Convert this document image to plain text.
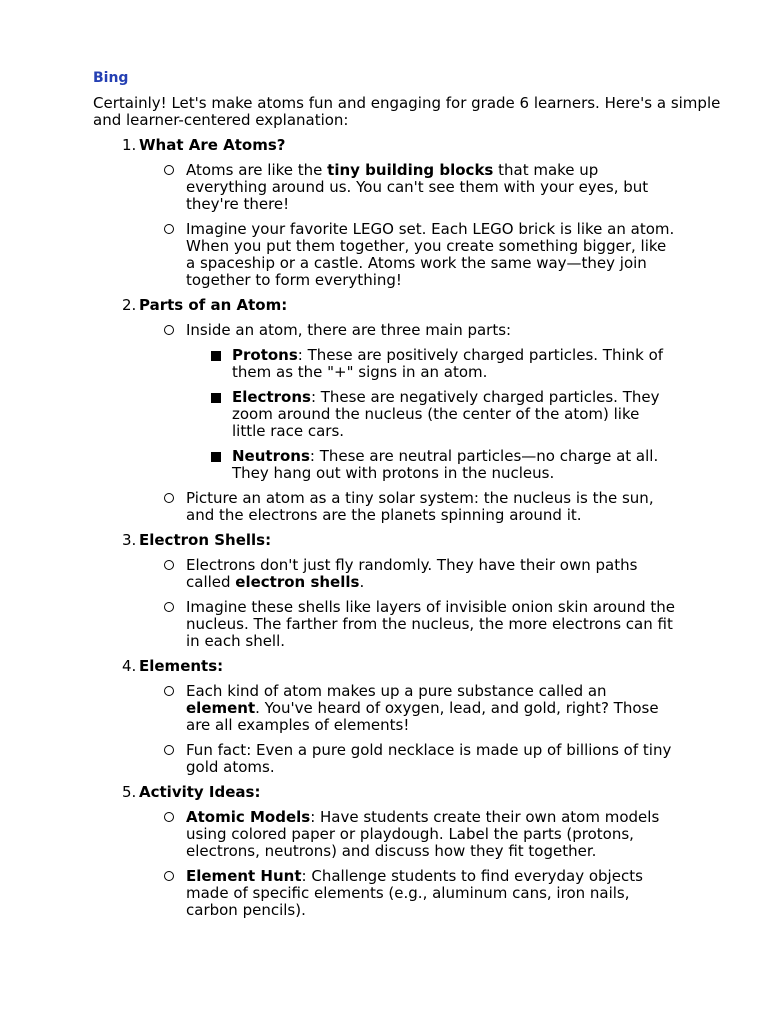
Bing

Certainly! Let's make atoms fun and engaging for grade 6 learners. Here's a simple and learner-centered explanation:

1. What Are Atoms?
Atoms are like the tiny building blocks that make up everything around us. You can't see them with your eyes, but they're there!
Imagine your favorite LEGO set. Each LEGO brick is like an atom. When you put them together, you create something bigger, like a spaceship or a castle. Atoms work the same way—they join together to form everything!
2. Parts of an Atom:
Inside an atom, there are three main parts:
Protons: These are positively charged particles. Think of them as the "+" signs in an atom.
Electrons: These are negatively charged particles. They zoom around the nucleus (the center of the atom) like little race cars.
Neutrons: These are neutral particles—no charge at all. They hang out with protons in the nucleus.
Picture an atom as a tiny solar system: the nucleus is the sun, and the electrons are the planets spinning around it.
3. Electron Shells:
Electrons don't just fly randomly. They have their own paths called electron shells.
Imagine these shells like layers of invisible onion skin around the nucleus. The farther from the nucleus, the more electrons can fit in each shell.
4. Elements:
Each kind of atom makes up a pure substance called an element. You've heard of oxygen, lead, and gold, right? Those are all examples of elements!
Fun fact: Even a pure gold necklace is made up of billions of tiny gold atoms.
5. Activity Ideas:
Atomic Models: Have students create their own atom models using colored paper or playdough. Label the parts (protons, electrons, neutrons) and discuss how they fit together.
Element Hunt: Challenge students to find everyday objects made of specific elements (e.g., aluminum cans, iron nails, carbon pencils).
